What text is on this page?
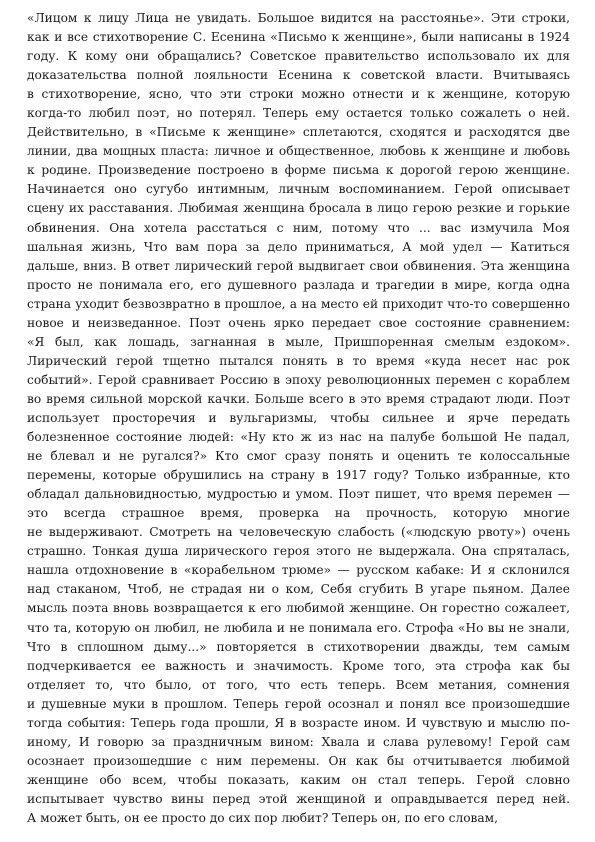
«Лицом к лицу Лица не увидать. Большое видится на расстоянье». Эти строки,
как и все стихотворение С. Есенина «Письмо к женщине», были написаны в 1924
году. К кому они обращались? Советское правительство использовало их для
доказательства полной лояльности Есенина к советской власти. Вчитываясь
в стихотворение, ясно, что эти строки можно отнести и к женщине, которую
когда-то любил поэт, но потерял. Теперь ему остается только сожалеть о ней.
Действительно, в «Письме к женщине» сплетаются, сходятся и расходятся две
линии, два мощных пласта: личное и общественное, любовь к женщине и любовь
к родине. Произведение построено в форме письма к дорогой герою женщине.
Начинается оно сугубо интимным, личным воспоминанием. Герой описывает
сцену их расставания. Любимая женщина бросала в лицо герою резкие и горькие
обвинения. Она хотела расстаться с ним, потому что ... вас измучила Моя
шальная жизнь, Что вам пора за дело приниматься, А мой удел — Катиться
дальше, вниз. В ответ лирический герой выдвигает свои обвинения. Эта женщина
просто не понимала его, его душевного разлада и трагедии в мире, когда одна
страна уходит безвозвратно в прошлое, а на место ей приходит что-то совершенно
новое и неизведанное. Поэт очень ярко передает свое состояние сравнением:
«Я был, как лошадь, загнанная в мыле, Пришпоренная смелым ездоком».
Лирический герой тщетно пытался понять в то время «куда несет нас рок
событий». Герой сравнивает Россию в эпоху революционных перемен с кораблем
во время сильной морской качки. Больше всего в это время страдают люди. Поэт
использует просторечия и вульгаризмы, чтобы сильнее и ярче передать
болезненное состояние людей: «Ну кто ж из нас на палубе большой Не падал,
не блевал и не ругался?» Кто смог сразу понять и оценить те колоссальные
перемены, которые обрушились на страну в 1917 году? Только избранные, кто
обладал дальновидностью, мудростью и умом. Поэт пишет, что время перемен —
это всегда страшное время, проверка на прочность, которую многие
не выдерживают. Смотреть на человеческую слабость («людскую рвоту») очень
страшно. Тонкая душа лирического героя этого не выдержала. Она спряталась,
нашла отдохновение в «корабельном трюме» — русском кабаке: И я склонился
над стаканом, Чтоб, не страдая ни о ком, Себя сгубить В угаре пьяном. Далее
мысль поэта вновь возвращается к его любимой женщине. Он горестно сожалеет,
что та, которую он любил, не любила и не понимала его. Строфа «Но вы не знали,
Что в сплошном дыму...» повторяется в стихотворении дважды, тем самым
подчеркивается ее важность и значимость. Кроме того, эта строфа как бы
отделяет то, что было, от того, что есть теперь. Всем метания, сомнения
и душевные муки в прошлом. Теперь герой осознал и понял все произошедшие
тогда события: Теперь года прошли, Я в возрасте ином. И чувствую и мыслю по-
иному, И говорю за праздничным вином: Хвала и слава рулевому! Герой сам
осознает произошедшие с ним перемены. Он как бы отчитывается любимой
женщине обо всем, чтобы показать, каким он стал теперь. Герой словно
испытывает чувство вины перед этой женщиной и оправдывается перед ней.
А может быть, он ее просто до сих пор любит? Теперь он, по его словам,
